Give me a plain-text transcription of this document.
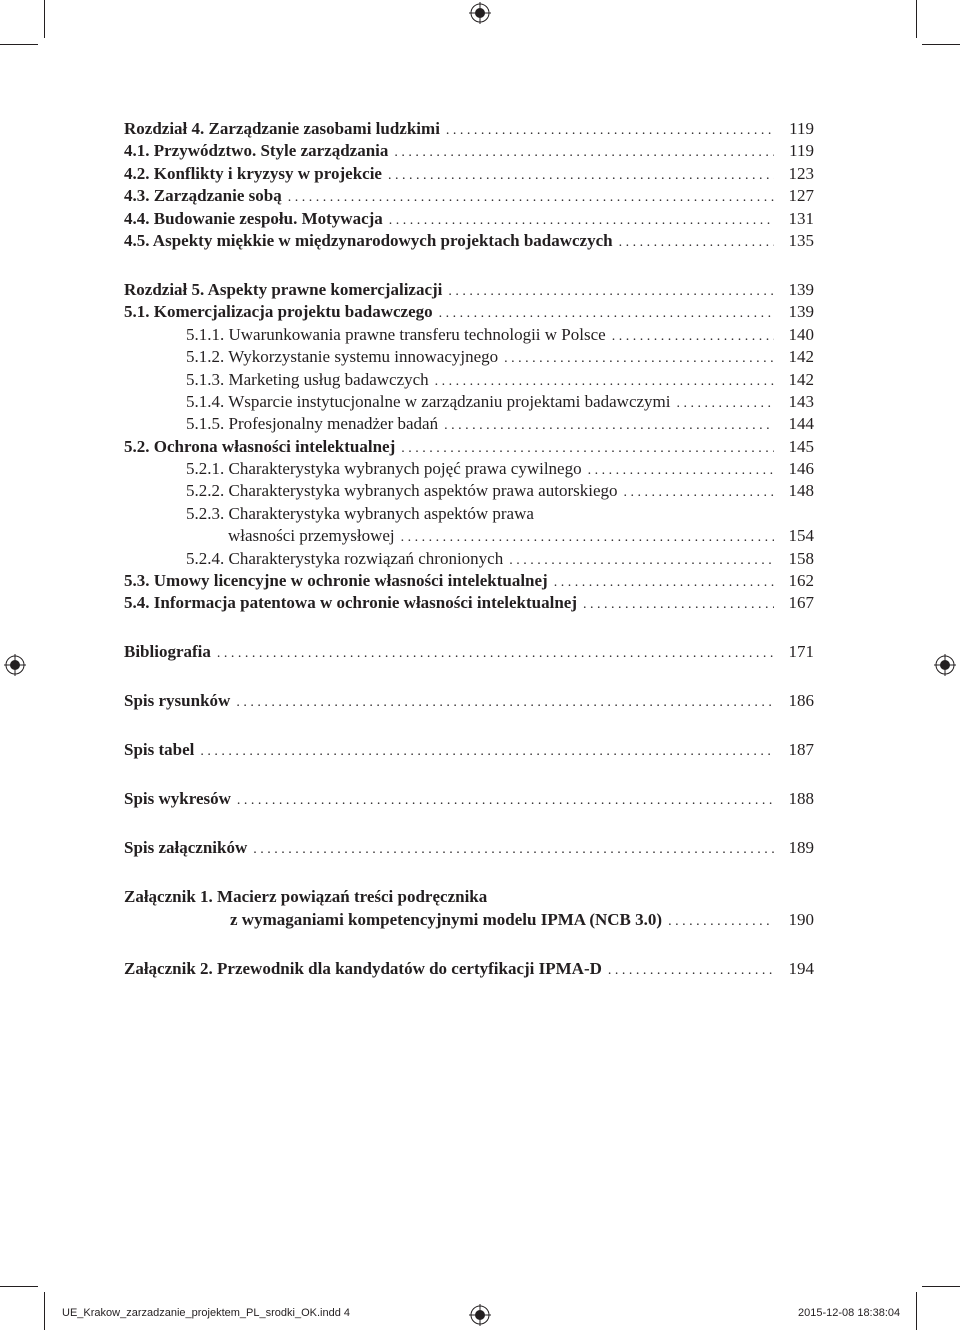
Rozdział 4. Zarządzanie zasobami ludzkimi . . .	119
4.1. Przywództwo. Style zarządzania . . .	119
4.2. Konflikty i kryzysy w projekcie . . .	123
4.3. Zarządzanie sobą . . .	127
4.4. Budowanie zespołu. Motywacja . . .	131
4.5. Aspekty miękkie w międzynarodowych projektach badawczych . . .	135
Rozdział 5. Aspekty prawne komercjalizacji . . .	139
5.1. Komercjalizacja projektu badawczego . . .	139
5.1.1. Uwarunkowania prawne transferu technologii w Polsce . . .	140
5.1.2. Wykorzystanie systemu innowacyjnego . . .	142
5.1.3. Marketing usług badawczych . . .	142
5.1.4. Wsparcie instytucjonalne w zarządzaniu projektami badawczymi . . .	143
5.1.5. Profesjonalny menadżer badań . . .	144
5.2. Ochrona własności intelektualnej . . .	145
5.2.1. Charakterystyka wybranych pojęć prawa cywilnego . . .	146
5.2.2. Charakterystyka wybranych aspektów prawa autorskiego . . .	148
5.2.3. Charakterystyka wybranych aspektów prawa
własności przemysłowej . . .	154
5.2.4. Charakterystyka rozwiązań chronionych . . .	158
5.3. Umowy licencyjne w ochronie własności intelektualnej . . .	162
5.4. Informacja patentowa w ochronie własności intelektualnej . . .	167
Bibliografia . . .	171
Spis rysunków . . .	186
Spis tabel . . .	187
Spis wykresów . . .	188
Spis załączników . . .	189
Załącznik 1. Macierz powiązań treści podręcznika
z wymaganiami kompetencyjnymi modelu IPMA (NCB 3.0) . . .	190
Załącznik 2. Przewodnik dla kandydatów do certyfikacji IPMA-D . . .	194
UE_Krakow_zarzadzanie_projektem_PL_srodki_OK.indd 4	2015-12-08 18:38:04
